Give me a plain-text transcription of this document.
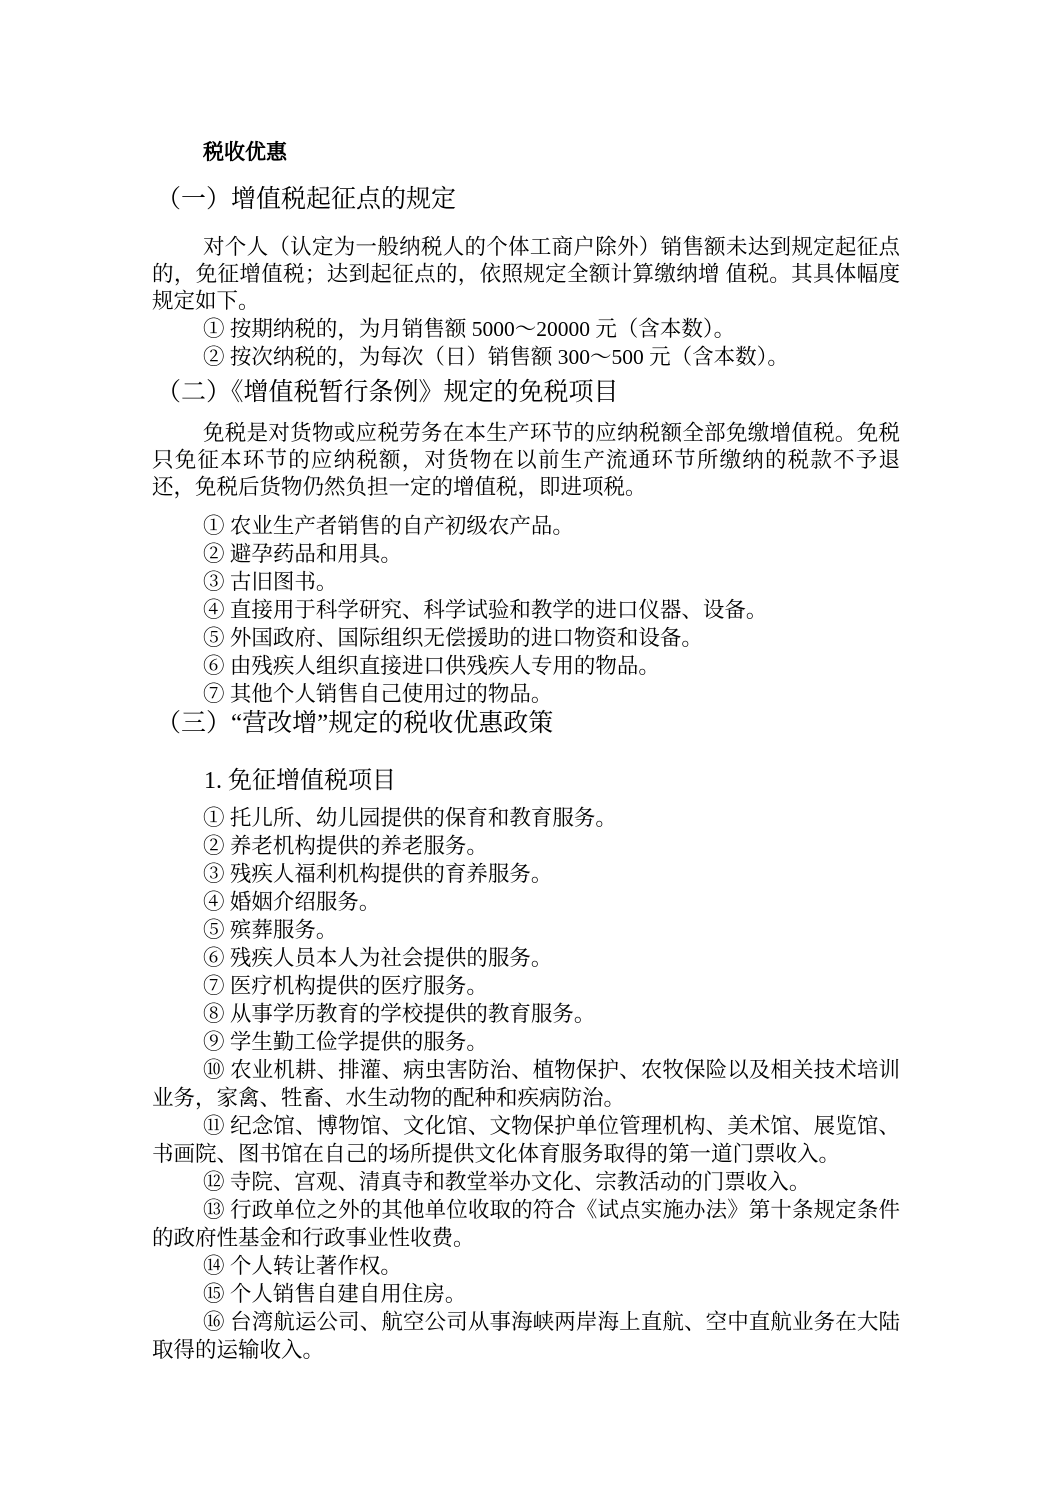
税收优惠

（一）增值税起征点的规定

对个人（认定为一般纳税人的个体工商户除外）销售额未达到规定起征点的，免征增值税；达到起征点的，依照规定全额计算缴纳增 值税。其具体幅度规定如下。

① 按期纳税的，为月销售额 5000～20000 元（含本数）。

② 按次纳税的，为每次（日）销售额 300～500 元（含本数）。

（二）《增值税暂行条例》规定的免税项目

免税是对货物或应税劳务在本生产环节的应纳税额全部免缴增值税。免税只免征本环节的应纳税额，对货物在以前生产流通环节所缴纳的税款不予退还，免税后货物仍然负担一定的增值税，即进项税。

① 农业生产者销售的自产初级农产品。

② 避孕药品和用具。

③ 古旧图书。

④ 直接用于科学研究、科学试验和教学的进口仪器、设备。

⑤ 外国政府、国际组织无偿援助的进口物资和设备。

⑥ 由残疾人组织直接进口供残疾人专用的物品。

⑦ 其他个人销售自己使用过的物品。

（三）“营改增”规定的税收优惠政策

1. 免征增值税项目

① 托儿所、幼儿园提供的保育和教育服务。

② 养老机构提供的养老服务。

③ 残疾人福利机构提供的育养服务。

④ 婚姻介绍服务。

⑤ 殡葬服务。

⑥ 残疾人员本人为社会提供的服务。

⑦ 医疗机构提供的医疗服务。

⑧ 从事学历教育的学校提供的教育服务。

⑨ 学生勤工俭学提供的服务。

⑩ 农业机耕、排灌、病虫害防治、植物保护、农牧保险以及相关技术培训业务，家禽、牲畜、水生动物的配种和疾病防治。

⑪ 纪念馆、博物馆、文化馆、文物保护单位管理机构、美术馆、展览馆、书画院、图书馆在自己的场所提供文化体育服务取得的第一道门票收入。

⑫ 寺院、宫观、清真寺和教堂举办文化、宗教活动的门票收入。

⑬ 行政单位之外的其他单位收取的符合《试点实施办法》第十条规定条件的政府性基金和行政事业性收费。

⑭ 个人转让著作权。

⑮ 个人销售自建自用住房。

⑯ 台湾航运公司、航空公司从事海峡两岸海上直航、空中直航业务在大陆取得的运输收入。
